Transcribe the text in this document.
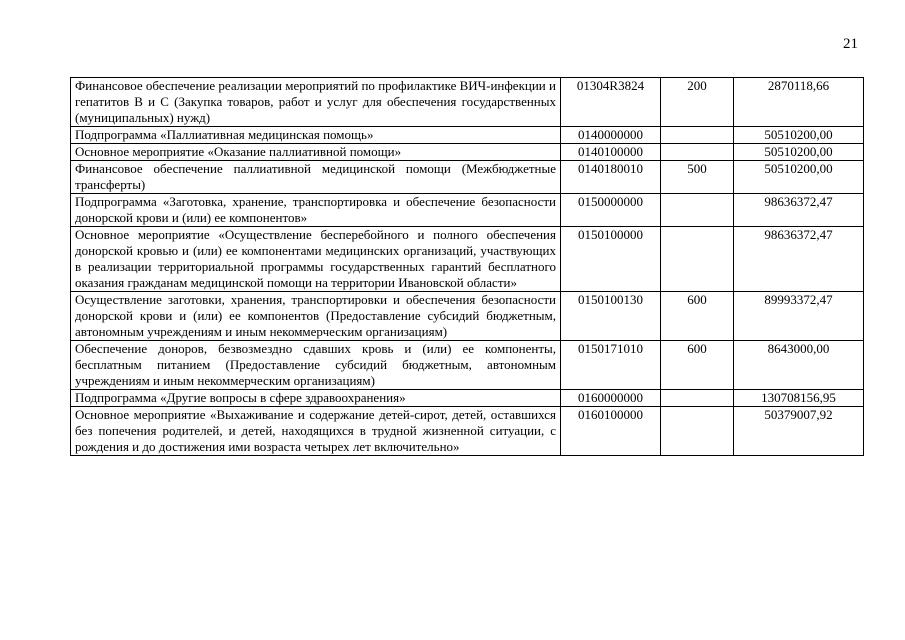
21
Финансовое обеспечение реализации мероприятий по профилактике ВИЧ-инфекции и гепатитов В и С (Закупка товаров, работ и услуг для обеспечения государственных (муниципальных) нужд)	01304R3824	200	2870118,66
Подпрограмма «Паллиативная медицинская помощь»	0140000000		50510200,00
Основное мероприятие «Оказание паллиативной помощи»	0140100000		50510200,00
Финансовое обеспечение паллиативной медицинской помощи (Межбюджетные трансферты)	0140180010	500	50510200,00
Подпрограмма «Заготовка, хранение, транспортировка и обеспечение безопасности донорской крови и (или) ее компонентов»	0150000000		98636372,47
Основное мероприятие «Осуществление бесперебойного и полного обеспечения донорской кровью и (или) ее компонентами медицинских организаций, участвующих в реализации территориальной программы государственных гарантий бесплатного оказания гражданам медицинской помощи на территории Ивановской области»	0150100000		98636372,47
Осуществление заготовки, хранения, транспортировки и обеспечения безопасности донорской крови и (или) ее компонентов (Предоставление субсидий бюджетным, автономным учреждениям и иным некоммерческим организациям)	0150100130	600	89993372,47
Обеспечение доноров, безвозмездно сдавших кровь и (или) ее компоненты, бесплатным питанием (Предоставление субсидий бюджетным, автономным учреждениям и иным некоммерческим организациям)	0150171010	600	8643000,00
Подпрограмма «Другие вопросы в сфере здравоохранения»	0160000000		130708156,95
Основное мероприятие «Выхаживание и содержание детей-сирот, детей, оставшихся без попечения родителей, и детей, находящихся в трудной жизненной ситуации, с рождения и до достижения ими возраста четырех лет включительно»	0160100000		50379007,92
